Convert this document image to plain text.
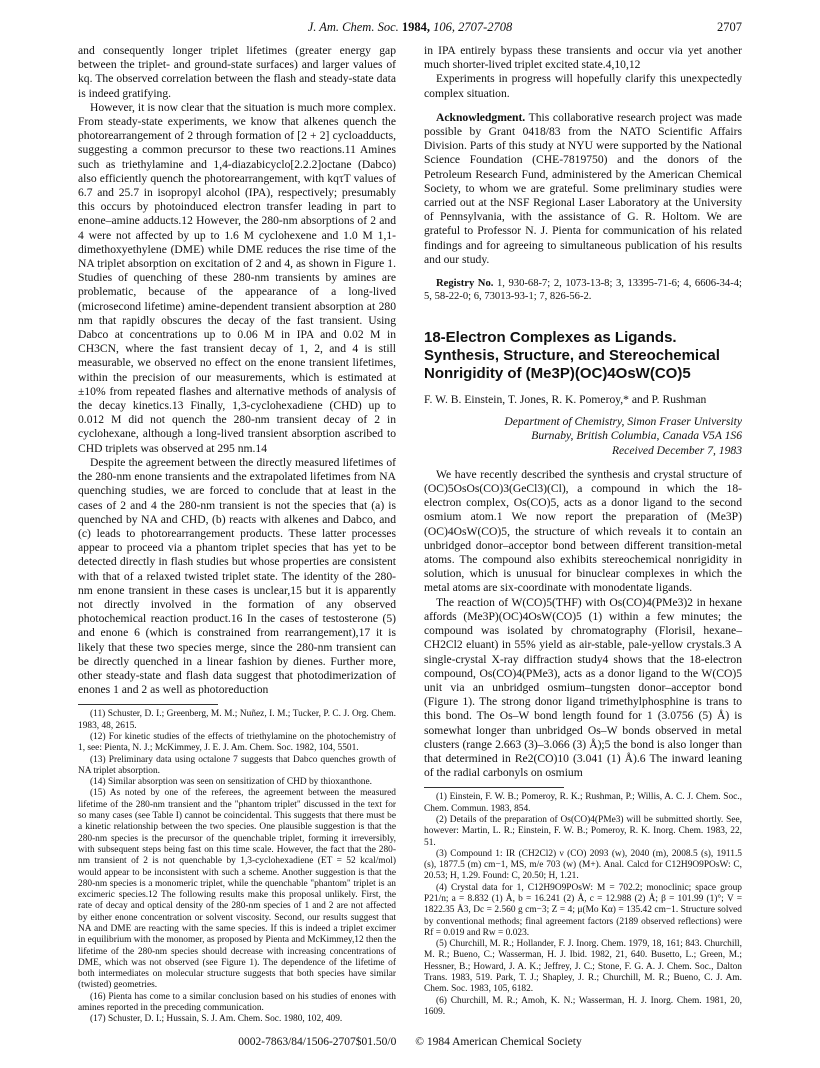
J. Am. Chem. Soc. 1984, 106, 2707-2708	2707

and consequently longer triplet lifetimes (greater energy gap between the triplet- and ground-state surfaces) and larger values of kq. The observed correlation between the flash and steady-state data is indeed gratifying.

However, it is now clear that the situation is much more complex. From steady-state experiments, we know that alkenes quench the photorearrangement of 2 through formation of [2 + 2] cycloadducts, suggesting a common precursor to these two reactions.11 Amines such as triethylamine and 1,4-diazabicyclo[2.2.2]octane (Dabco) also efficiently quench the photorearrangement, with kqτT values of 6.7 and 25.7 in isopropyl alcohol (IPA), respectively; presumably this occurs by photoinduced electron transfer leading in part to enone–amine adducts.12 However, the 280-nm absorptions of 2 and 4 were not affected by up to 1.6 M cyclohexene and 1.0 M 1,1-dimethoxyethylene (DME) while DME reduces the rise time of the NA triplet absorption on excitation of 2 and 4, as shown in Figure 1. Studies of quenching of these 280-nm transients by amines are problematic, because of the appearance of a long-lived (microsecond lifetime) amine-dependent transient absorption at 280 nm that rapidly obscures the decay of the fast transient. Using Dabco at concentrations up to 0.06 M in IPA and 0.02 M in CH3CN, where the fast transient decay of 1, 2, and 4 is still measurable, we observed no effect on the enone transient lifetimes, within the precision of our measurements, which is estimated at ±10% from repeated flashes and alternative methods of analysis of the decay kinetics.13 Finally, 1,3-cyclohexadiene (CHD) up to 0.012 M did not quench the 280-nm transient decay of 2 in cyclohexane, although a long-lived transient absorption ascribed to CHD triplets was observed at 295 nm.14

Despite the agreement between the directly measured lifetimes of the 280-nm enone transients and the extrapolated lifetimes from NA quenching studies, we are forced to conclude that at least in the cases of 2 and 4 the 280-nm transient is not the species that (a) is quenched by NA and CHD, (b) reacts with alkenes and Dabco, and (c) leads to photorearrangement products. These latter processes appear to proceed via a phantom triplet species that has yet to be detected directly in flash studies but whose properties are consistent with that of a relaxed twisted triplet state. The identity of the 280-nm enone transient in these cases is unclear,15 but it is apparently not directly involved in the formation of any observed photochemical reaction product.16 In the cases of testosterone (5) and enone 6 (which is constrained from rearrangement),17 it is likely that these two species merge, since the 280-nm transient can be directly quenched in a linear fashion by dienes. Further more, other steady-state and flash data suggest that photodimerization of enones 1 and 2 as well as photoreduction

(11) Schuster, D. I.; Greenberg, M. M.; Nuñez, I. M.; Tucker, P. C. J. Org. Chem. 1983, 48, 2615.
(12) For kinetic studies of the effects of triethylamine on the photochemistry of 1, see: Pienta, N. J.; McKimmey, J. E. J. Am. Chem. Soc. 1982, 104, 5501.
(13) Preliminary data using octalone 7 suggests that Dabco quenches growth of NA triplet absorption.
(14) Similar absorption was seen on sensitization of CHD by thioxanthone.
(15) As noted by one of the referees, the agreement between the measured lifetime of the 280-nm transient and the "phantom triplet" discussed in the text for so many cases (see Table I) cannot be coincidental. This suggests that there must be a kinetic relationship between the two species. One plausible suggestion is that the 280-nm species is the precursor of the quenchable triplet, forming it irreversibly, with subsequent steps being fast on this time scale. However, the fact that the 280-nm transient of 2 is not quenchable by 1,3-cyclohexadiene (ET = 52 kcal/mol) would appear to be inconsistent with such a scheme. Another suggestion is that the 280-nm species is a monomeric triplet, while the quenchable "phantom" triplet is an excimeric species.12 The following results make this proposal unlikely. First, the rate of decay and optical density of the 280-nm species of 1 and 2 are not affected by either enone concentration or solvent viscosity. Second, our results suggest that NA and DME are reacting with the same species. If this is indeed a triplet excimer in equilibrium with the monomer, as proposed by Pienta and McKimmey,12 then the lifetime of the 280-nm species should decrease with increasing concentrations of DME, which was not observed (see Figure 1). The dependence of the lifetime of both intermediates on molecular structure suggests that both species have similar (twisted) geometries.
(16) Pienta has come to a similar conclusion based on his studies of enones with amines reported in the preceding communication.
(17) Schuster, D. I.; Hussain, S. J. Am. Chem. Soc. 1980, 102, 409.

in IPA entirely bypass these transients and occur via yet another much shorter-lived triplet excited state.4,10,12

Experiments in progress will hopefully clarify this unexpectedly complex situation.

Acknowledgment. This collaborative research project was made possible by Grant 0418/83 from the NATO Scientific Affairs Division. Parts of this study at NYU were supported by the National Science Foundation (CHE-7819750) and the donors of the Petroleum Research Fund, administered by the American Chemical Society, to whom we are grateful. Some preliminary studies were carried out at the NSF Regional Laser Laboratory at the University of Pennsylvania, with the assistance of G. R. Holtom. We are grateful to Professor N. J. Pienta for communication of his related findings and for agreeing to simultaneous publication of his results and our study.

Registry No. 1, 930-68-7; 2, 1073-13-8; 3, 13395-71-6; 4, 6606-34-4; 5, 58-22-0; 6, 73013-93-1; 7, 826-56-2.

18-Electron Complexes as Ligands. Synthesis, Structure, and Stereochemical Nonrigidity of (Me3P)(OC)4OsW(CO)5
F. W. B. Einstein, T. Jones, R. K. Pomeroy,* and P. Rushman
Department of Chemistry, Simon Fraser University
Burnaby, British Columbia, Canada V5A 1S6
Received December 7, 1983

We have recently described the synthesis and crystal structure of (OC)5OsOs(CO)3(GeCl3)(Cl), a compound in which the 18-electron complex, Os(CO)5, acts as a donor ligand to the second osmium atom.1 We now report the preparation of (Me3P)(OC)4OsW(CO)5, the structure of which reveals it to contain an unbridged donor–acceptor bond between different transition-metal atoms. The compound also exhibits stereochemical nonrigidity in solution, which is unusual for binuclear complexes in which the metal atoms are six-coordinate with monodentate ligands.

The reaction of W(CO)5(THF) with Os(CO)4(PMe3)2 in hexane affords (Me3P)(OC)4OsW(CO)5 (1) within a few minutes; the compound was isolated by chromatography (Florisil, hexane–CH2Cl2 eluant) in 55% yield as air-stable, pale-yellow crystals.3 A single-crystal X-ray diffraction study4 shows that the 18-electron compound, Os(CO)4(PMe3), acts as a donor ligand to the W(CO)5 unit via an unbridged osmium–tungsten donor–acceptor bond (Figure 1). The strong donor ligand trimethylphosphine is trans to this bond. The Os–W bond length found for 1 (3.0756 (5) Å) is somewhat longer than unbridged Os–W bonds observed in metal clusters (range 2.663 (3)–3.066 (3) Å);5 the bond is also longer than that determined in Re2(CO)10 (3.041 (1) Å).6 The inward leaning of the radial carbonyls on osmium

(1) Einstein, F. W. B.; Pomeroy, R. K.; Rushman, P.; Willis, A. C. J. Chem. Soc., Chem. Commun. 1983, 854.
(2) Details of the preparation of Os(CO)4(PMe3) will be submitted shortly. See, however: Martin, L. R.; Einstein, F. W. B.; Pomeroy, R. K. Inorg. Chem. 1983, 22, 51.
(3) Compound 1: IR (CH2Cl2) ν (CO) 2093 (w), 2040 (m), 2008.5 (s), 1911.5 (s), 1877.5 (m) cm−1, MS, m/e 703 (w) (M+). Anal. Calcd for C12H9O9POsW: C, 20.53; H, 1.29. Found: C, 20.50; H, 1.21.
(4) Crystal data for 1, C12H9O9POsW: M = 702.2; monoclinic; space group P21/n; a = 8.832 (1) Å, b = 16.241 (2) Å, c = 12.988 (2) Å; β = 101.99 (1)°; V = 1822.35 Å3, Dc = 2.560 g cm−3; Z = 4; μ(Mo Kα) = 135.42 cm−1. Structure solved by conventional methods; final agreement factors (2189 observed reflections) were Rf = 0.019 and Rw = 0.023.
(5) Churchill, M. R.; Hollander, F. J. Inorg. Chem. 1979, 18, 161; 843. Churchill, M. R.; Bueno, C.; Wasserman, H. J. Ibid. 1982, 21, 640. Busetto, L.; Green, M.; Hessner, B.; Howard, J. A. K.; Jeffrey, J. C.; Stone, F. G. A. J. Chem. Soc., Dalton Trans. 1983, 519. Park, T. J.; Shapley, J. R.; Churchill, M. R.; Bueno, C. J. Am. Chem. Soc. 1983, 105, 6182.
(6) Churchill, M. R.; Amoh, K. N.; Wasserman, H. J. Inorg. Chem. 1981, 20, 1609.
0002-7863/84/1506-2707$01.50/0 © 1984 American Chemical Society
